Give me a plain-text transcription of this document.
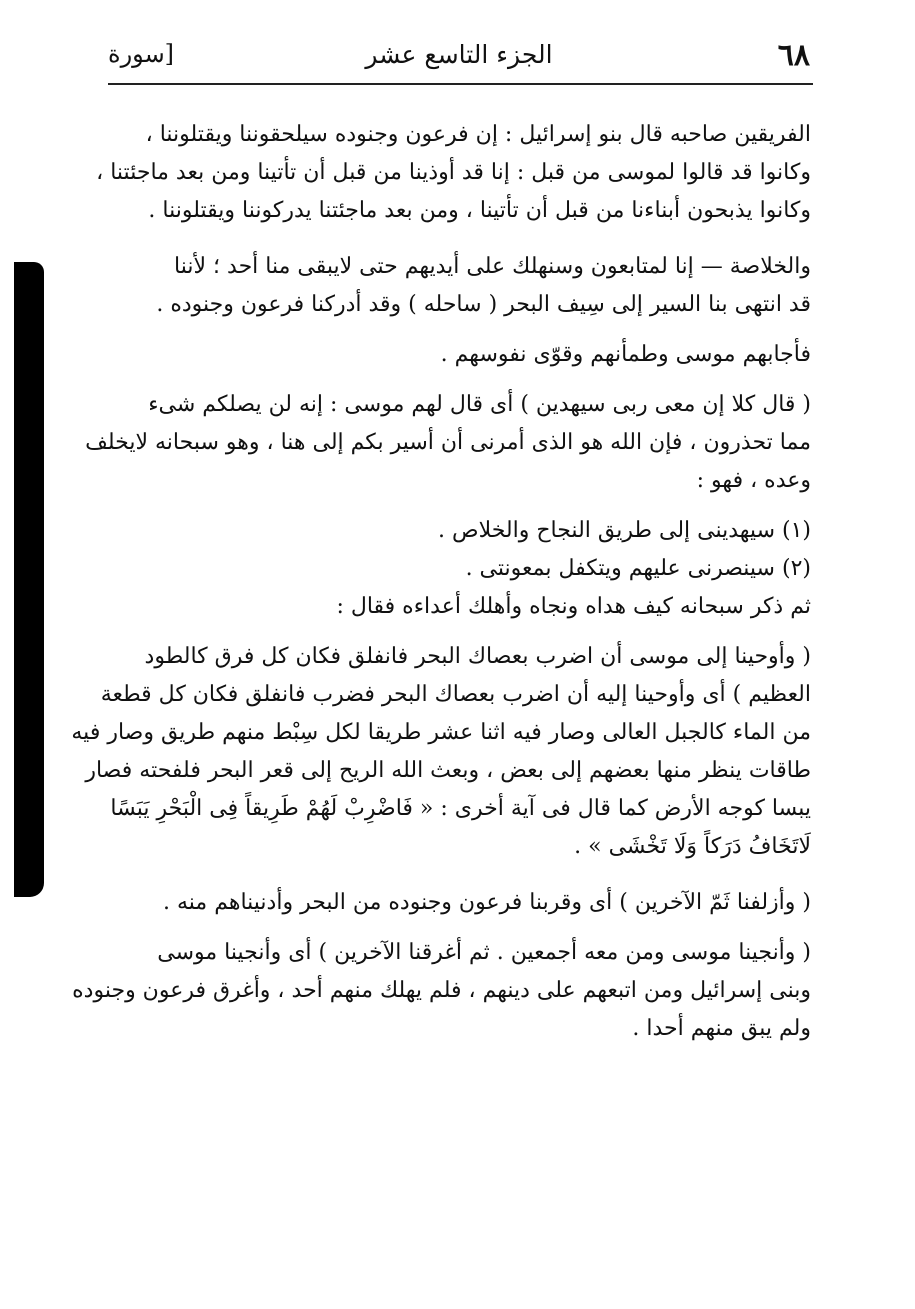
٦٨
الجزء التاسع عشر
[سورة

الفريقين صاحبه قال بنو إسرائيل : إن فرعون وجنوده سيلحقوننا ويقتلوننا ،
وكانوا قد قالوا لموسى من قبل : إنا قد أوذينا من قبل أن تأتينا ومن بعد ماجئتنا ،
وكانوا يذبحون أبناءنا من قبل أن تأتينا ، ومن بعد ماجئتنا يدركوننا ويقتلوننا .

والخلاصة — إنا لمتابعون وسنهلك على أيديهم حتى لايبقى منا أحد ؛ لأننا
قد انتهى بنا السير إلى سِيف البحر ( ساحله ) وقد أدركنا فرعون وجنوده .

فأجابهم موسى وطمأنهم وقوّى نفوسهم .

( قال كلا إن معى ربى سيهدين ) أى قال لهم موسى : إنه لن يصلكم شىء
مما تحذرون ، فإن الله هو الذى أمرنى أن أسير بكم إلى هنا ، وهو سبحانه لايخلف
وعده ، فهو :

(١) سيهدينى إلى طريق النجاح والخلاص .
(٢) سينصرنى عليهم ويتكفل بمعونتى .

ثم ذكر سبحانه كيف هداه ونجاه وأهلك أعداءه فقال :

( وأوحينا إلى موسى أن اضرب بعصاك البحر فانفلق فكان كل فرق كالطود
العظيم ) أى وأوحينا إليه أن اضرب بعصاك البحر فضرب فانفلق فكان كل قطعة
من الماء كالجبل العالى وصار فيه اثنا عشر طريقا لكل سِبْط منهم طريق وصار فيه
طاقات ينظر منها بعضهم إلى بعض ، وبعث الله الريح إلى قعر البحر فلفحته فصار
يبسا كوجه الأرض كما قال فى آية أخرى : « فَاضْرِبْ لَهُمْ طَرِيقاً فِى الْبَحْرِ يَبَسًا
لَاتَخَافُ دَرَكاً وَلَا تَخْشَى » .

( وأزلفنا ثَمّ الآخرين ) أى وقربنا فرعون وجنوده من البحر وأدنيناهم منه .

( وأنجينا موسى ومن معه أجمعين . ثم أغرقنا الآخرين ) أى وأنجينا موسى
وبنى إسرائيل ومن اتبعهم على دينهم ، فلم يهلك منهم أحد ، وأغرق فرعون وجنوده
ولم يبق منهم أحدا .
